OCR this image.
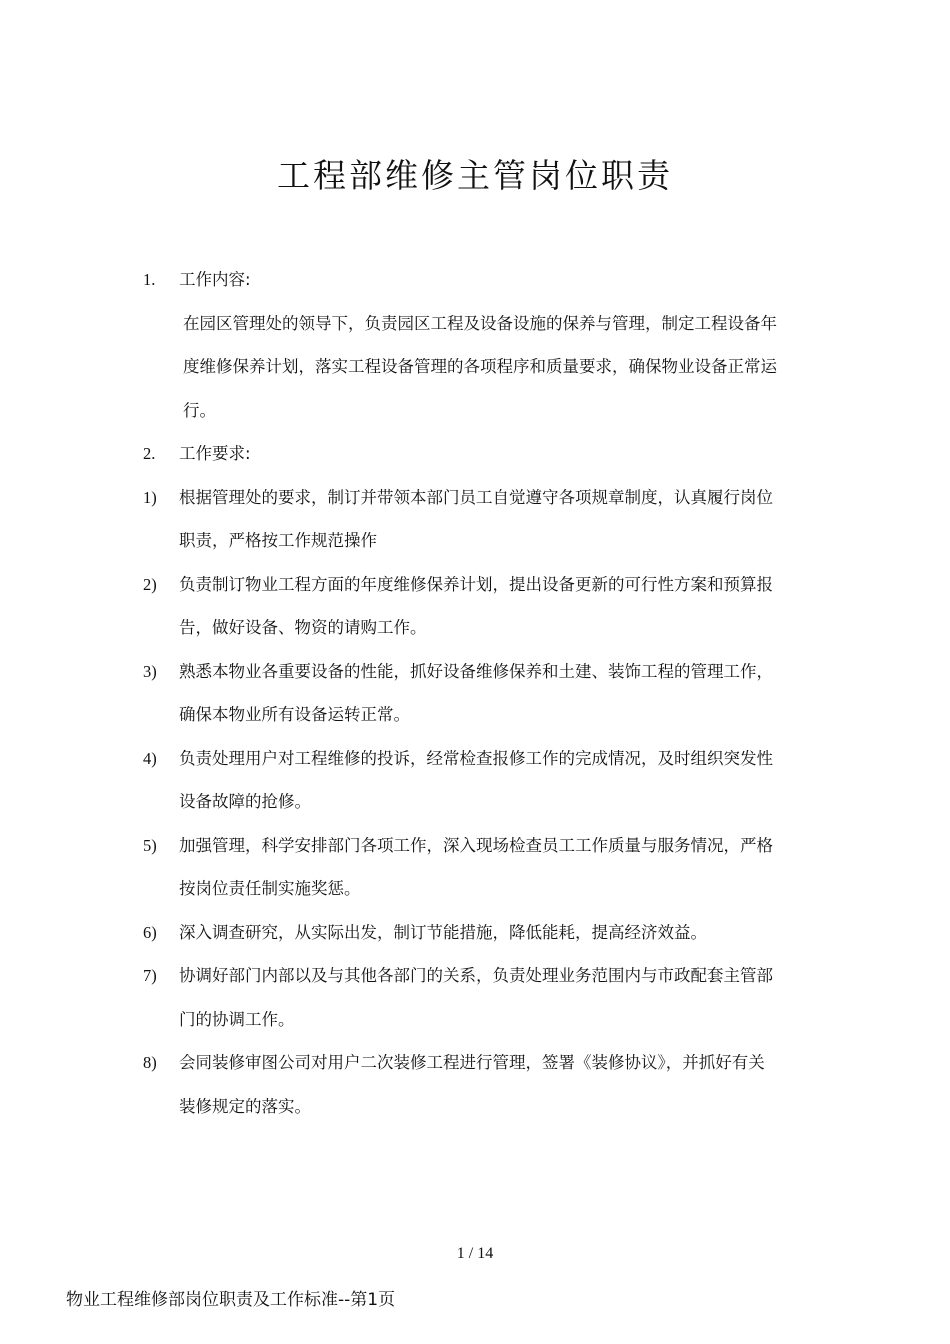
工程部维修主管岗位职责
1. 工作内容:
在园区管理处的领导下，负责园区工程及设备设施的保养与管理，制定工程设备年
度维修保养计划，落实工程设备管理的各项程序和质量要求，确保物业设备正常运
行。
2. 工作要求:
1) 根据管理处的要求，制订并带领本部门员工自觉遵守各项规章制度，认真履行岗位
职责，严格按工作规范操作
2) 负责制订物业工程方面的年度维修保养计划，提出设备更新的可行性方案和预算报
告，做好设备、物资的请购工作。
3) 熟悉本物业各重要设备的性能，抓好设备维修保养和土建、装饰工程的管理工作，
确保本物业所有设备运转正常。
4) 负责处理用户对工程维修的投诉，经常检查报修工作的完成情况，及时组织突发性
设备故障的抢修。
5) 加强管理，科学安排部门各项工作，深入现场检查员工工作质量与服务情况，严格
按岗位责任制实施奖惩。
6) 深入调查研究，从实际出发，制订节能措施，降低能耗，提高经济效益。
7) 协调好部门内部以及与其他各部门的关系，负责处理业务范围内与市政配套主管部
门的协调工作。
8) 会同装修审图公司对用户二次装修工程进行管理，签署《装修协议》，并抓好有关
装修规定的落实。
1 / 14
物业工程维修部岗位职责及工作标准--第1页
